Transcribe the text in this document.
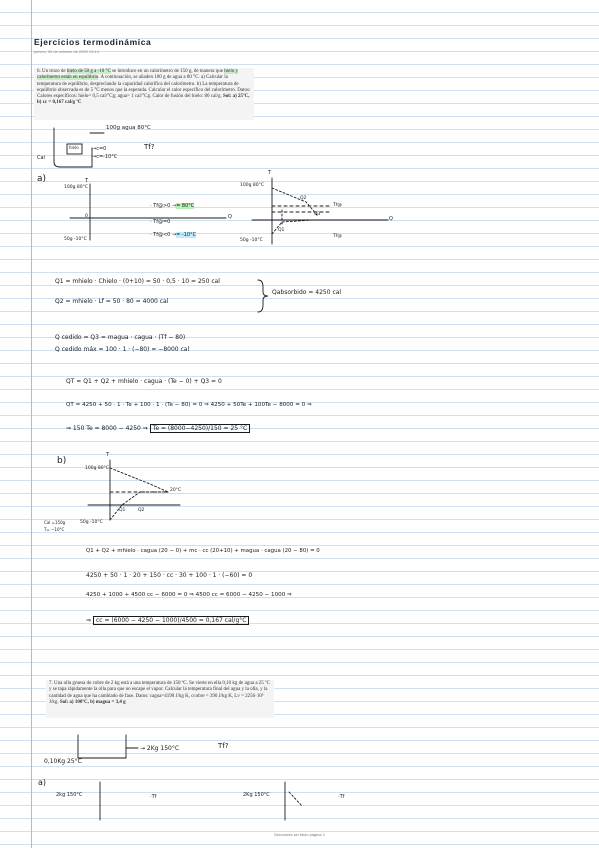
Ejercicios termodinámica
jueves, 30 de octubre de 2020 13:14

6. Un trozo de hielo de 50 g a -10 °C se introduce en un calorímetro de 150 g, de manera que hielo y calorímetro están en equilibrio. A continuación, se añaden 100 g de agua a 80 °C. a) Calcular la temperatura de equilibrio, despreciando la capacidad calorífica del calorímetro. b) La temperatura de equilibrio observada es de 5 °C menos que la esperada. Calcular el calor específico del calorímetro. Datos: Calores específicos: hielo= 0,5 cal/°Cg; agua= 1 cal/°Cg. Calor de fusión del hielo: 80 cal/g. Sol: a) 25ºC, b) cc = 0,167 cal/g ºC

7. Una olla gruesa de cobre de 2 kg está a una temperatura de 150 ºC. Se vierte en ella 0,10 kg de agua a 25 ºC y se tapa rápidamente la olla para que no escape el vapor. Calcular la temperatura final del agua y la olla, y la cantidad de agua que ha cambiado de fase. Datos: cagua=4190 J/kg K, ccobre = 390 J/kg K, Lv = 2256·10³ J/kg. Sol: a) 100ºC, b) magua = 3,4 g

100g agua 80°C
Cal
hielo	→c=0
→c=-10°C
Tf?
a)	T
Q
100g 80°C
50g -10°C
0
· Tf@>0 →= 80°C
· Tf@=0
· Tf@<0 →= -10°C
T
Q
100g 80°C
50g -10°C
Tf@
Tf@
Q1
Q2
Q3
Q1 = mhielo · Chielo · (0+10) = 50 · 0,5 · 10 = 250 cal
Q2 = mhielo · Lf = 50 · 80 = 4000 cal
Qabsorbido = 4250 cal
Q cedido = Q3 = magua · cagua · (Tf − 80)
Q cedido máx = 100 · 1 · (−80) = −8000 cal
QT = Q1 + Q2 + mhielo · cagua · (Te − 0) + Q3 = 0
QT = 4250 + 50 · 1 · Te + 100 · 1 · (Te − 80) = 0 ⇒ 4250 + 50Te + 100Te − 8000 = 0 ⇒
⇒ 150 Te = 8000 − 4250 ⇒ Te = (8000−4250)/150 = 25 °C
b)
T
100g 80°C
50g -10°C
20°C
Q1	Q2
Cal =150g
T= −10°C
Q1 + Q2 + mhielo · cagua (20 − 0) + mc · cc (20+10) + magua · cagua (20 − 80) = 0
4250 + 50 · 1 · 20 + 150 · cc · 30 + 100 · 1 · (−60) = 0
4250 + 1000 + 4500 cc − 6000 = 0 ⇒ 4500 cc = 6000 − 4250 − 1000 ⇒
⇒ cc = (6000 − 4250 − 1000)/4500 = 0,167 cal/g°C
0,10Kg 25°C
→ 2Kg 150°C	Tf?
a)
2kg 150°C	·Tf	2Kg 150°C	·Tf
Secciones sin título página 1
